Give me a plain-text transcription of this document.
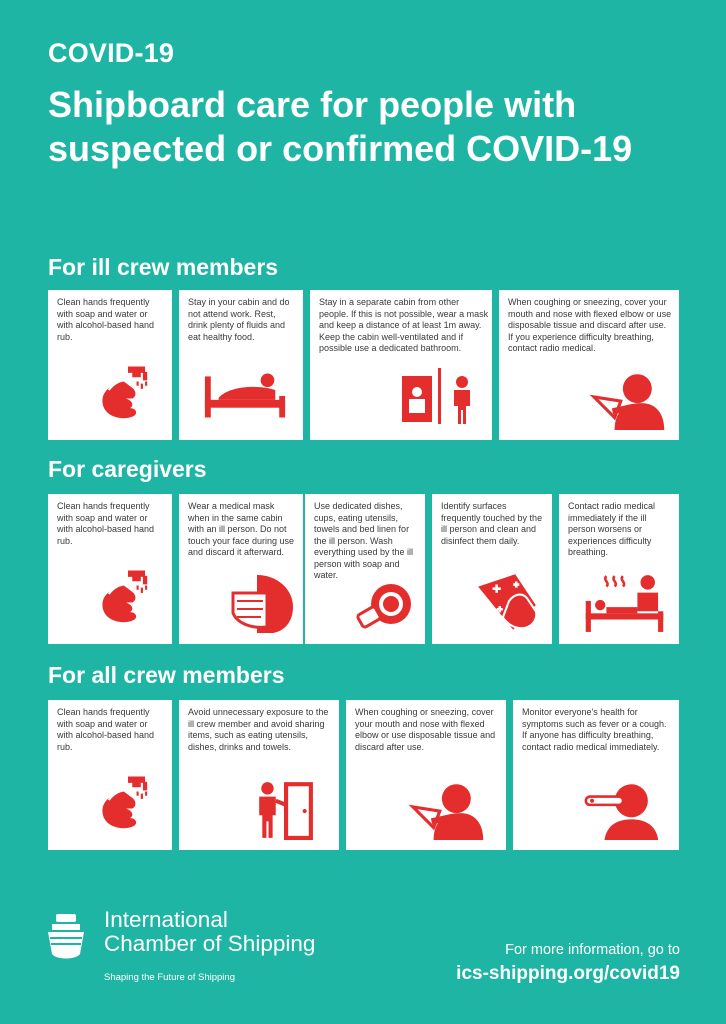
COVID-19
Shipboard care for people with suspected or confirmed COVID-19
For ill crew members

Clean hands frequently with soap and water or with alcohol-based hand rub.

Stay in your cabin and do not attend work. Rest, drink plenty of fluids and eat healthy food.

Stay in a separate cabin from other people. If this is not possible, wear a mask and keep a distance of at least 1m away. Keep the cabin well-ventilated and if possible use a dedicated bathroom.

When coughing or sneezing, cover your mouth and nose with flexed elbow or use disposable tissue and discard after use. If you experience difficulty breathing, contact radio medical.

For caregivers

Clean hands frequently with soap and water or with alcohol-based hand rub.

Wear a medical mask when in the same cabin with an ill person. Do not touch your face during use and discard it afterward.

Use dedicated dishes, cups, eating utensils, towels and bed linen for the ill person. Wash everything used by the ill person with soap and water.

Identify surfaces frequently touched by the ill person and clean and disinfect them daily.

Contact radio medical immediately if the ill person worsens or experiences difficulty breathing.

For all crew members

Clean hands frequently with soap and water or with alcohol-based hand rub.

Avoid unnecessary exposure to the ill crew member and avoid sharing items, such as eating utensils, dishes, drinks and towels.

When coughing or sneezing, cover your mouth and nose with flexed elbow or use disposable tissue and discard after use.

Monitor everyone's health for symptoms such as fever or a cough. If anyone has difficulty breathing, contact radio medical immediately.

International
Chamber of Shipping
Shaping the Future of Shipping
For more information, go to
ics-shipping.org/covid19
